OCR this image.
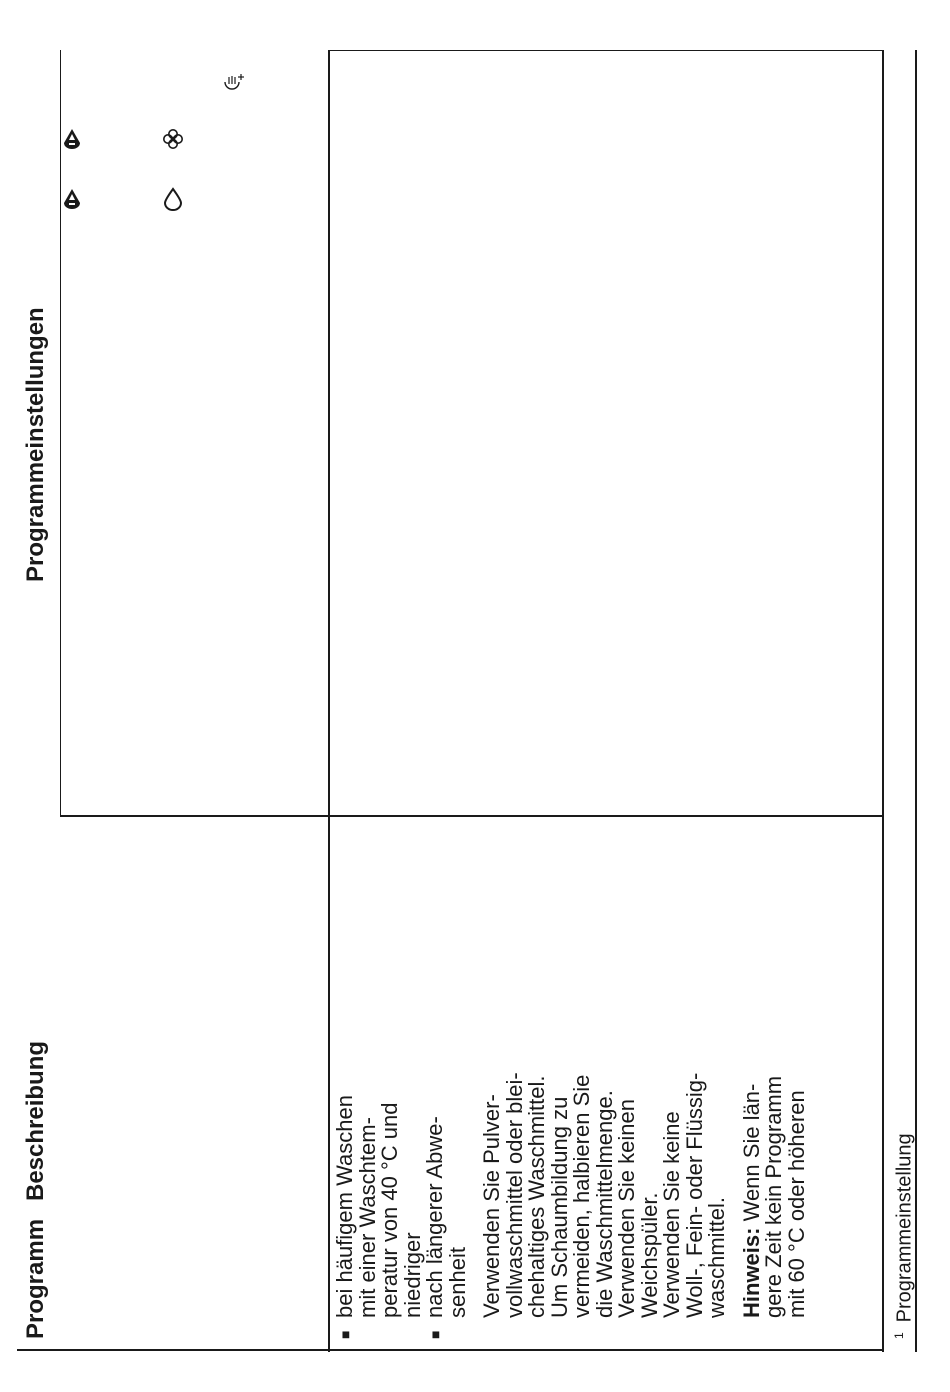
Programm
Beschreibung
Programmeinstellungen
■
bei häufigem Waschen
mit einer Waschtem-
peratur von 40 °C und
niedriger
■
nach längerer Abwe-
senheit Verwenden Sie Pulver-
vollwaschmittel oder blei-
chehaltiges Waschmittel.
Um Schaumbildung zu
vermeiden, halbieren Sie
die Waschmittelmenge.
Verwenden Sie keinen
Weichspüler.
Verwenden Sie keine
Woll-, Fein- oder Flüssig-
waschmittel. Hinweis: Wenn Sie län-
gere Zeit kein Programm
mit 60 °C oder höheren
$^1$Programmeinstellung
